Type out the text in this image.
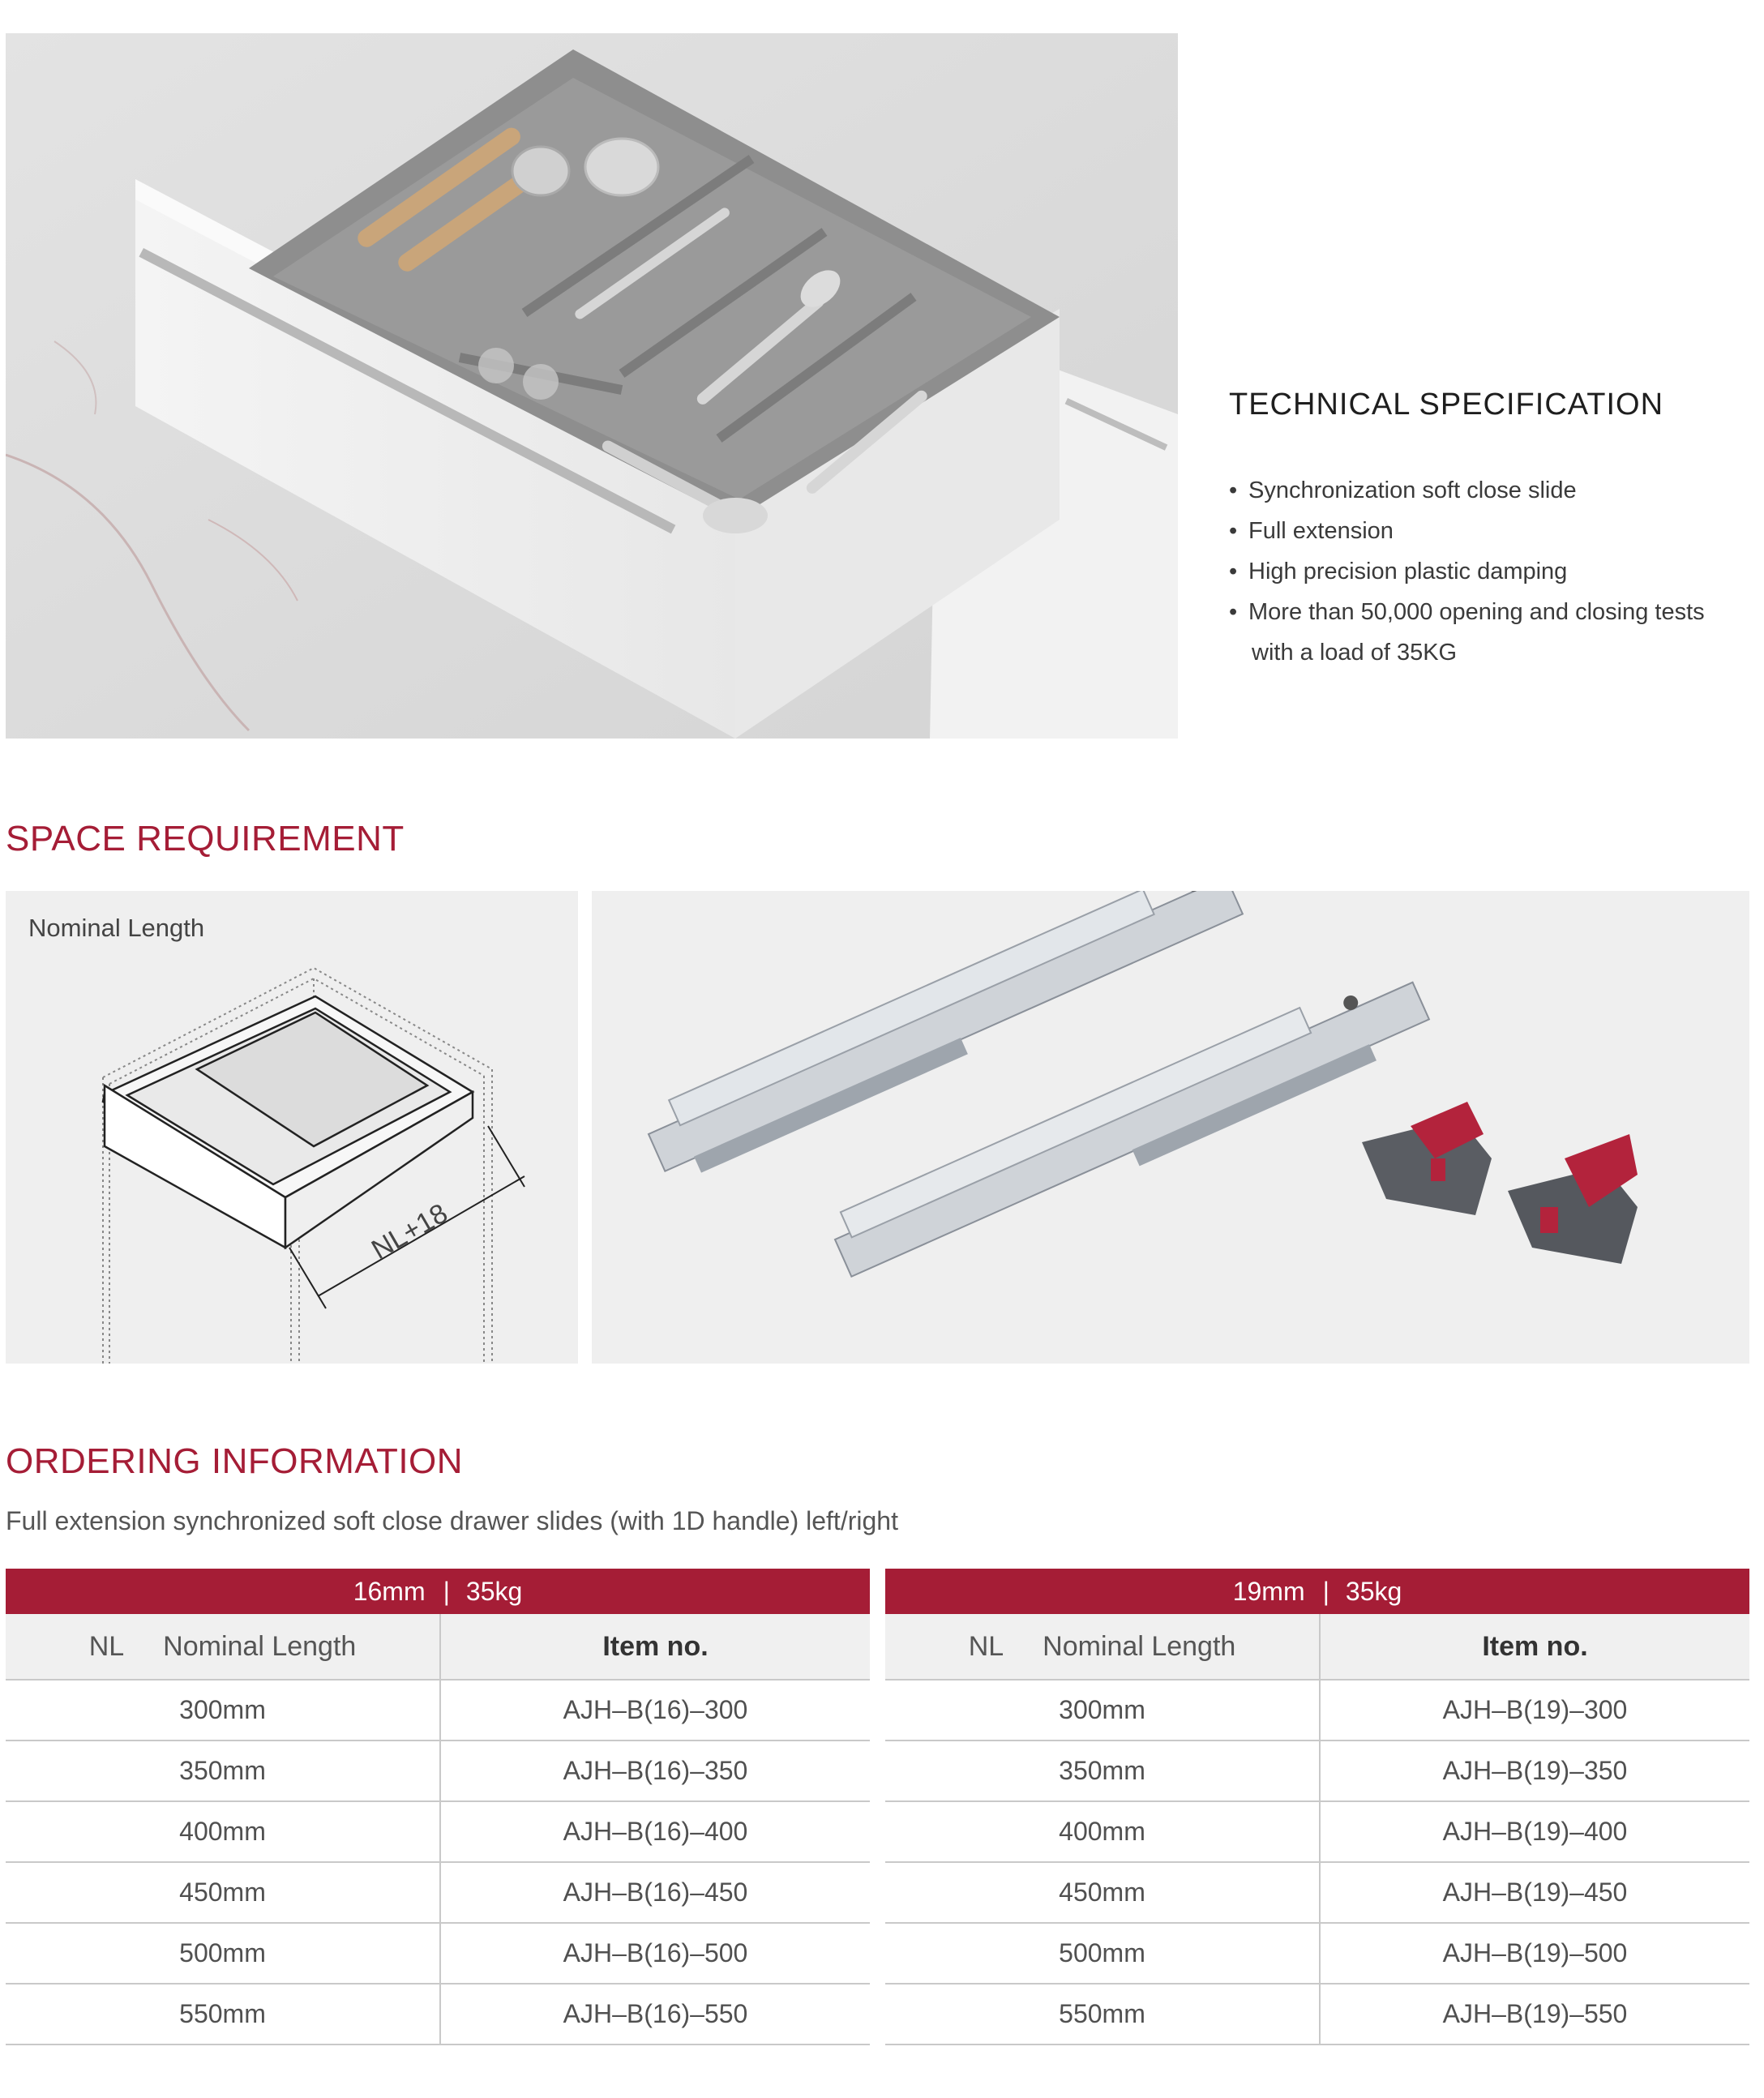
TECHNICAL SPECIFICATION
• Synchronization soft close slide
• Full extension
• High precision plastic damping
• More than 50,000 opening and closing tests
with a load of 35KG
SPACE REQUIREMENT
Nominal Length
NL+18
ORDERING INFORMATION
Full extension synchronized soft close drawer slides (with 1D handle) left/right
16mm | 35kg	
NL Nominal Length	Item no.
300mm	AJH–B(16)–300
350mm	AJH–B(16)–350
400mm	AJH–B(16)–400
450mm	AJH–B(16)–450
500mm	AJH–B(16)–500
550mm	AJH–B(16)–550
19mm | 35kg	
NL Nominal Length	Item no.
300mm	AJH–B(19)–300
350mm	AJH–B(19)–350
400mm	AJH–B(19)–400
450mm	AJH–B(19)–450
500mm	AJH–B(19)–500
550mm	AJH–B(19)–550
